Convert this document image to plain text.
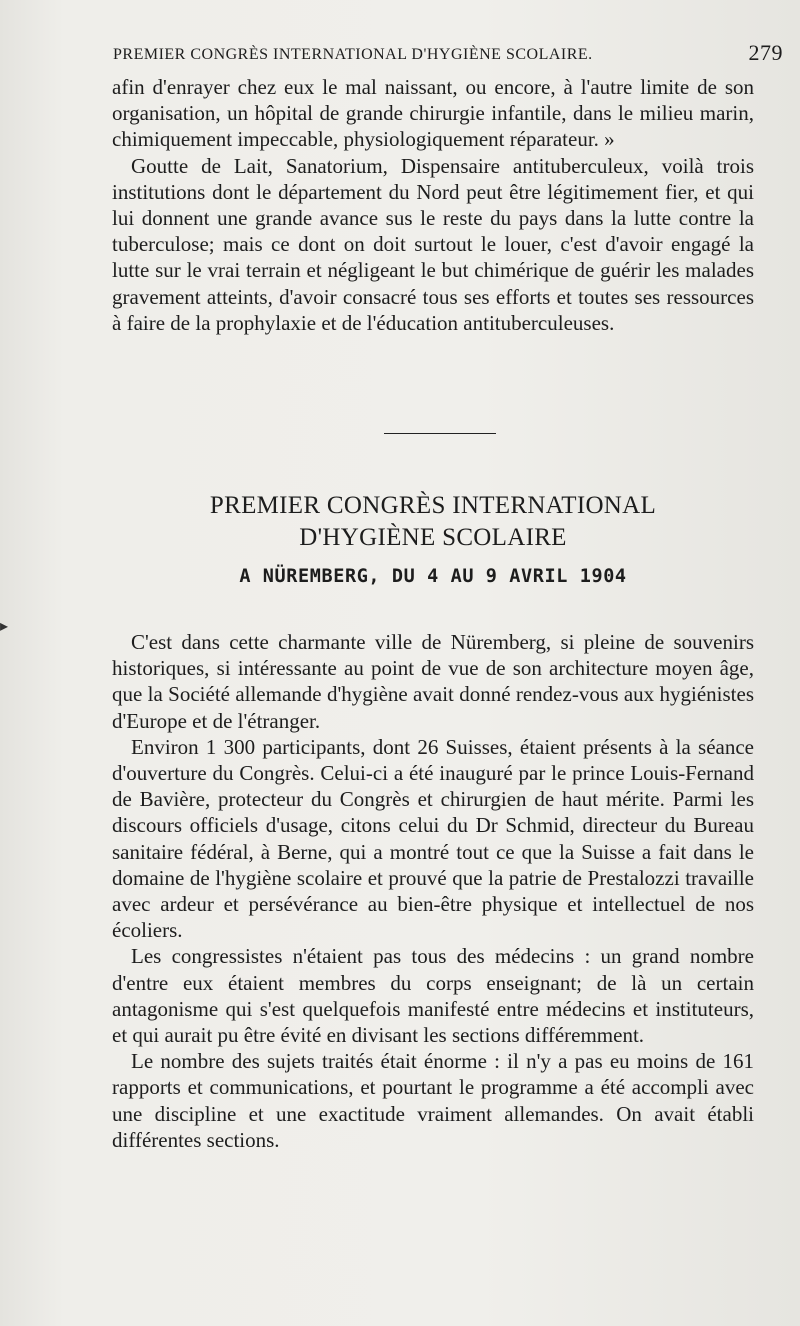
PREMIER CONGRÈS INTERNATIONAL D'HYGIÈNE SCOLAIRE.	279

afin d'enrayer chez eux le mal naissant, ou encore, à l'autre limite de son organisation, un hôpital de grande chirurgie infantile, dans le milieu marin, chimiquement impeccable, physiologiquement réparateur. »

Goutte de Lait, Sanatorium, Dispensaire antituberculeux, voilà trois institutions dont le département du Nord peut être légitimement fier, et qui lui donnent une grande avance sus le reste du pays dans la lutte contre la tuberculose; mais ce dont on doit surtout le louer, c'est d'avoir engagé la lutte sur le vrai terrain et négligeant le but chimérique de guérir les malades gravement atteints, d'avoir consacré tous ses efforts et toutes ses ressources à faire de la prophylaxie et de l'éducation antituberculeuses.

PREMIER CONGRÈS INTERNATIONAL
D'HYGIÈNE SCOLAIRE
A NÜREMBERG, DU 4 AU 9 AVRIL 1904
▸

C'est dans cette charmante ville de Nüremberg, si pleine de souvenirs historiques, si intéressante au point de vue de son architecture moyen âge, que la Société allemande d'hygiène avait donné rendez-vous aux hygiénistes d'Europe et de l'étranger.

Environ 1 300 participants, dont 26 Suisses, étaient présents à la séance d'ouverture du Congrès. Celui-ci a été inauguré par le prince Louis-Fernand de Bavière, protecteur du Congrès et chirurgien de haut mérite. Parmi les discours officiels d'usage, citons celui du Dr Schmid, directeur du Bureau sanitaire fédéral, à Berne, qui a montré tout ce que la Suisse a fait dans le domaine de l'hygiène scolaire et prouvé que la patrie de Prestalozzi travaille avec ardeur et persévérance au bien-être physique et intellectuel de nos écoliers.

Les congressistes n'étaient pas tous des médecins : un grand nombre d'entre eux étaient membres du corps enseignant; de là un certain antagonisme qui s'est quelquefois manifesté entre médecins et instituteurs, et qui aurait pu être évité en divisant les sections différemment.

Le nombre des sujets traités était énorme : il n'y a pas eu moins de 161 rapports et communications, et pourtant le programme a été accompli avec une discipline et une exactitude vraiment allemandes. On avait établi différentes sections.
